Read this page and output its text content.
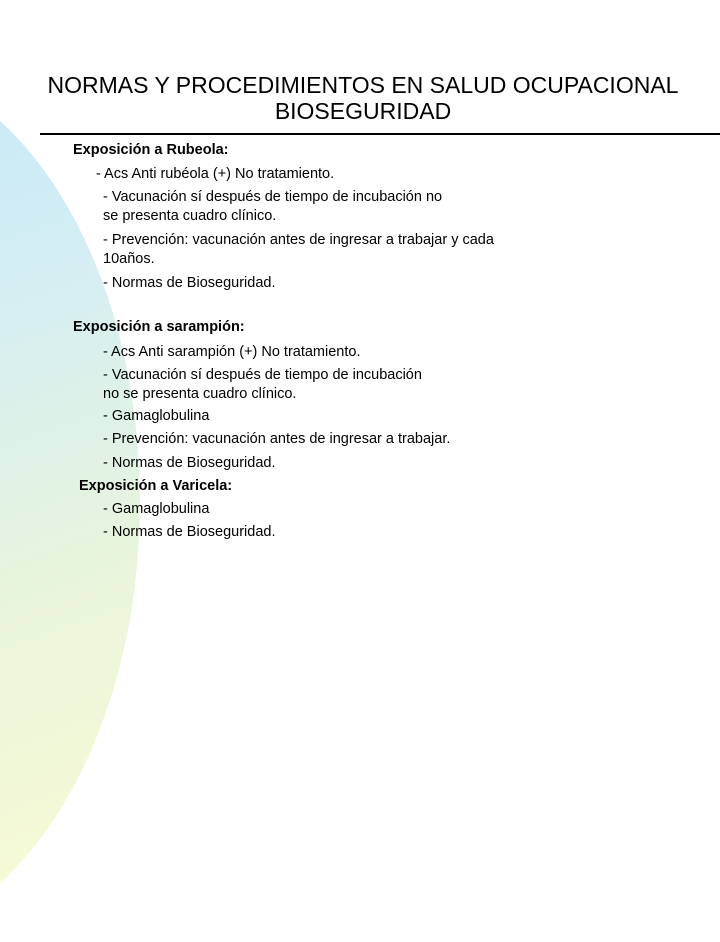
NORMAS Y PROCEDIMIENTOS EN SALUD OCUPACIONAL
BIOSEGURIDAD
Exposición a Rubeola:
- Acs Anti rubéola (+) No tratamiento.
- Vacunación sí después de tiempo de incubación no
se presenta cuadro clínico.
- Prevención: vacunación antes de ingresar a trabajar y cada
10años.
- Normas de Bioseguridad.
Exposición a sarampión:
- Acs Anti sarampión (+) No tratamiento.
- Vacunación sí después de tiempo de incubación
no se presenta cuadro clínico.
- Gamaglobulina
- Prevención: vacunación antes de ingresar a trabajar.
- Normas de Bioseguridad.
Exposición a Varicela:
- Gamaglobulina
- Normas de Bioseguridad.
